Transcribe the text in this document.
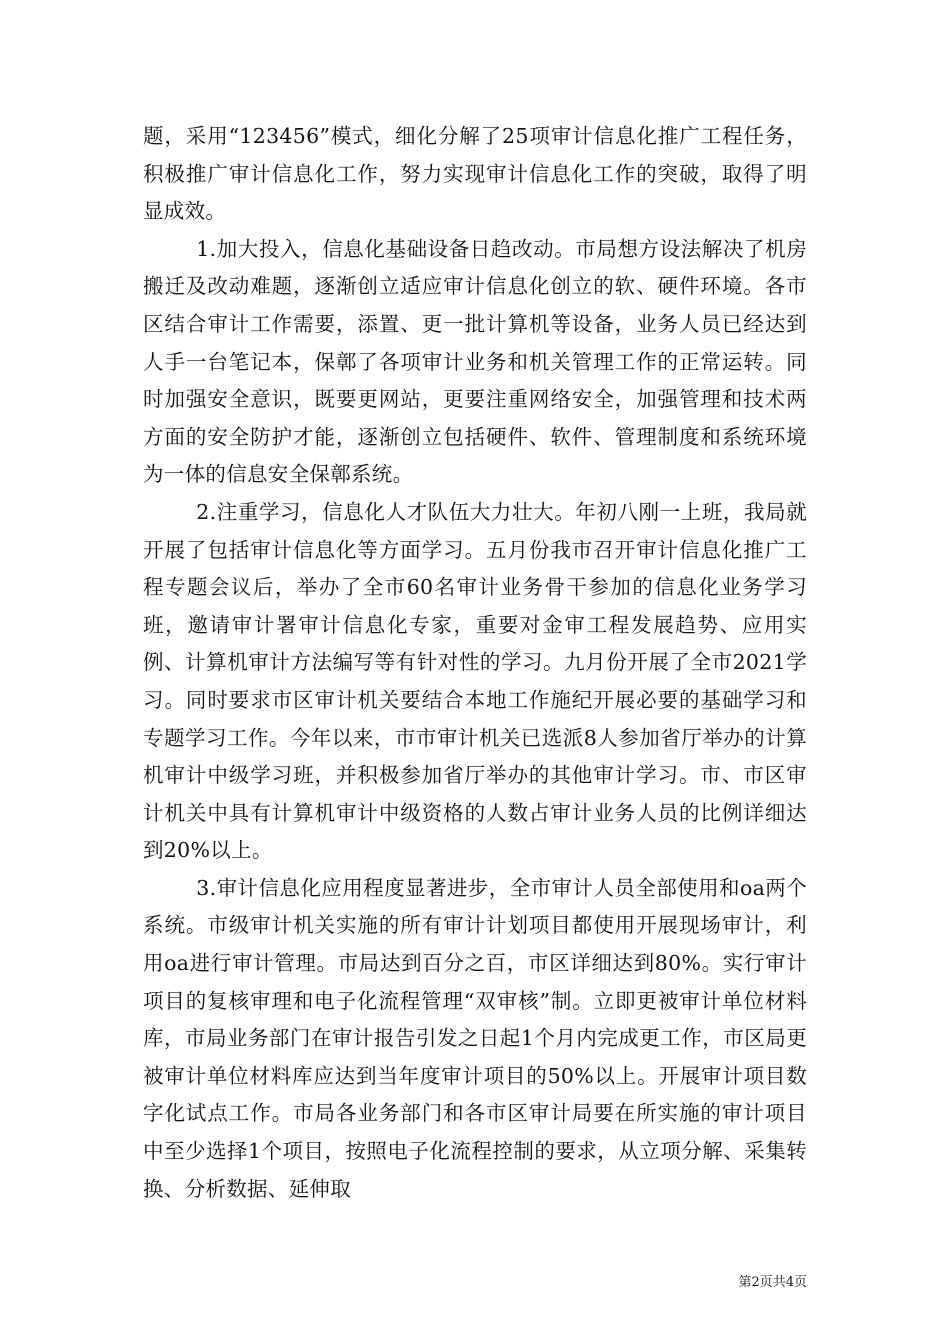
题，采用“123456”模式，细化分解了25项审计信息化推广工程任务，积极推广审计信息化工作，努力实现审计信息化工作的突破，取得了明显成效。

1.加大投入，信息化基础设备日趋改动。市局想方设法解决了机房搬迁及改动难题，逐渐创立适应审计信息化创立的软、硬件环境。各市区结合审计工作需要，添置、更一批计算机等设备，业务人员已经达到人手一台笔记本，保鄣了各项审计业务和机关管理工作的正常运转。同时加强安全意识，既要更网站，更要注重网络安全，加强管理和技术两方面的安全防护才能，逐渐创立包括硬件、软件、管理制度和系统环境为一体的信息安全保鄣系统。

2.注重学习，信息化人才队伍大力壮大。年初八刚一上班，我局就开展了包括审计信息化等方面学习。五月份我市召开审计信息化推广工程专题会议后，举办了全市60名审计业务骨干参加的信息化业务学习班，邀请审计署审计信息化专家，重要对金审工程发展趋势、应用实例、计算机审计方法编写等有针对性的学习。九月份开展了全市2021学习。同时要求市区审计机关要结合本地工作施纪开展必要的基础学习和专题学习工作。今年以来，市市审计机关已选派8人参加省厅举办的计算机审计中级学习班，并积极参加省厅举办的其他审计学习。市、市区审计机关中具有计算机审计中级资格的人数占审计业务人员的比例详细达到20%以上。

3.审计信息化应用程度显著进步，全市审计人员全部使用和oa两个系统。市级审计机关实施的所有审计计划项目都使用开展现场审计，利用oa进行审计管理。市局达到百分之百，市区详细达到80%。实行审计项目的复核审理和电子化流程管理“双审核”制。立即更被审计单位材料库，市局业务部门在审计报告引发之日起1个月内完成更工作，市区局更被审计单位材料库应达到当年度审计项目的50%以上。开展审计项目数字化试点工作。市局各业务部门和各市区审计局要在所实施的审计项目中至少选择1个项目，按照电子化流程控制的要求，从立项分解、采集转换、分析数据、延伸取

第2页共4页
